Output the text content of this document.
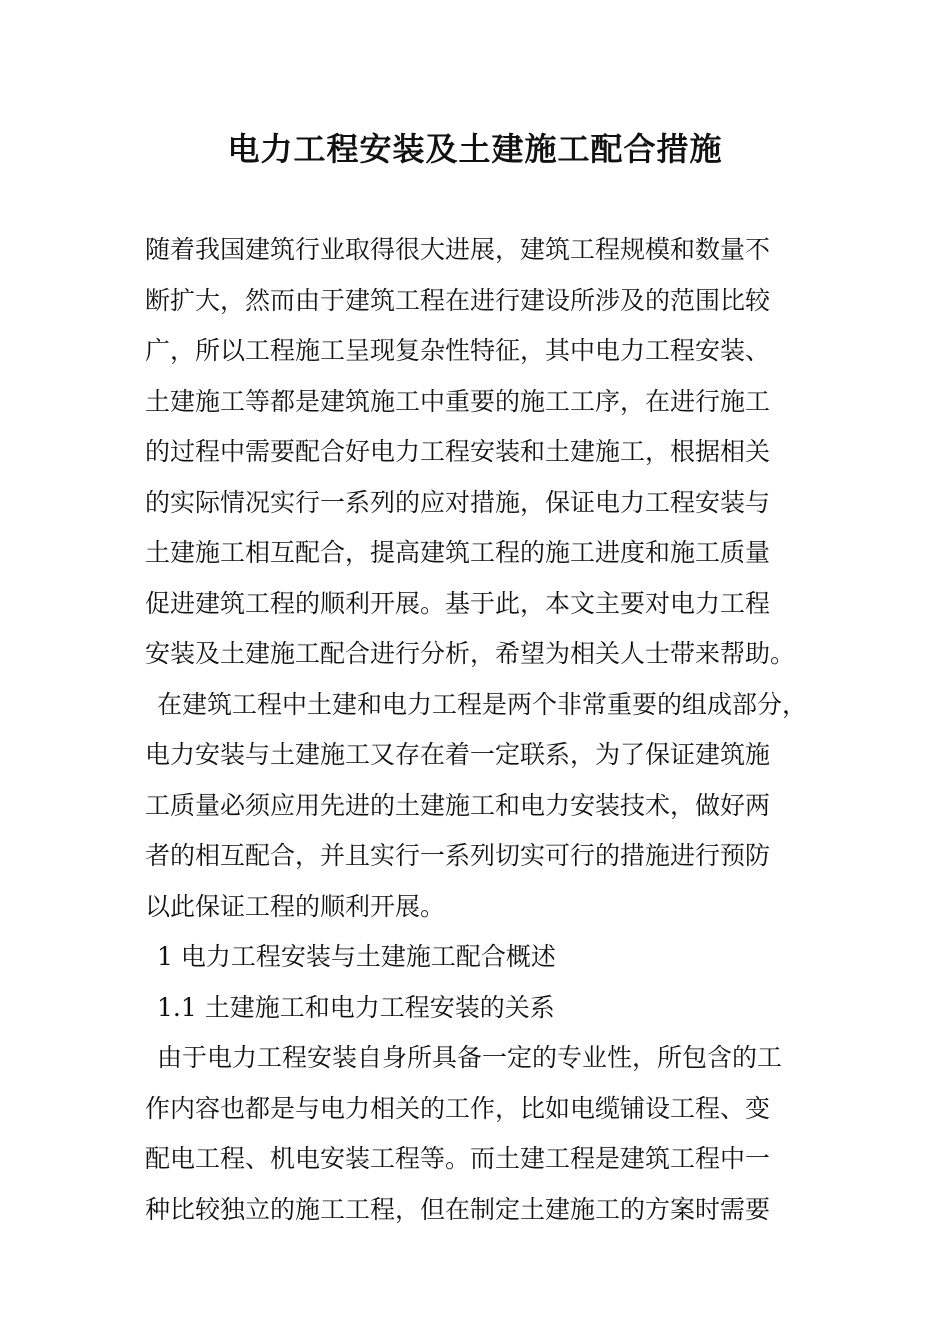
电力工程安装及土建施工配合措施
随着我国建筑行业取得很大进展，建筑工程规模和数量不
断扩大，然而由于建筑工程在进行建设所涉及的范围比较
广，所以工程施工呈现复杂性特征，其中电力工程安装、
土建施工等都是建筑施工中重要的施工工序，在进行施工
的过程中需要配合好电力工程安装和土建施工，根据相关
的实际情况实行一系列的应对措施，保证电力工程安装与
土建施工相互配合，提高建筑工程的施工进度和施工质量
促进建筑工程的顺利开展。基于此，本文主要对电力工程
安装及土建施工配合进行分析，希望为相关人士带来帮助。
在建筑工程中土建和电力工程是两个非常重要的组成部分，
电力安装与土建施工又存在着一定联系，为了保证建筑施
工质量必须应用先进的土建施工和电力安装技术，做好两
者的相互配合，并且实行一系列切实可行的措施进行预防
以此保证工程的顺利开展。
1 电力工程安装与土建施工配合概述
1.1 土建施工和电力工程安装的关系
由于电力工程安装自身所具备一定的专业性，所包含的工
作内容也都是与电力相关的工作，比如电缆铺设工程、变
配电工程、机电安装工程等。而土建工程是建筑工程中一
种比较独立的施工工程，但在制定土建施工的方案时需要
